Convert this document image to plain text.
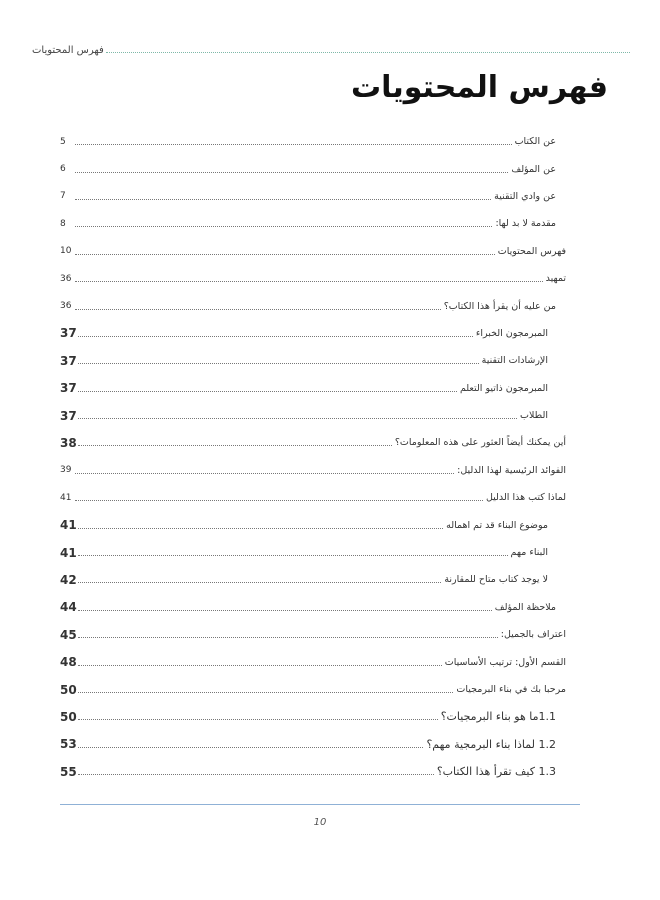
فهرس المحتويات
فهرس المحتويات
عن الكتاب
5
عن المؤلف
6
عن وادي التقنية
7
مقدمة لا بد لها:
8
فهرس المحتويات
10
تمهيد
36
من عليه أن يقرأ هذا الكتاب؟
36
المبرمجون الخبراء
37
الإرشادات التقنية
37
المبرمجون ذاتيو التعلم
37
الطلاب
37
أين يمكنك أيضاً العثور على هذه المعلومات؟
38
الفوائد الرئيسية لهذا الدليل:
39
لماذا كتب هذا الدليل
41
موضوع البناء قد تم اهماله
41
البناء مهم
41
لا يوجد كتاب متاح للمقارنة
42
ملاحظة المؤلف
44
اعتراف بالجميل:
45
القسم الأول: ترتيب الأساسيات
48
مرحبا بك في بناء البرمجيات
50
1.1ما هو بناء البرمجيات؟
50
1.2 لماذا بناء البرمجية مهم؟
53
1.3 كيف تقرأ هذا الكتاب؟
55
10
